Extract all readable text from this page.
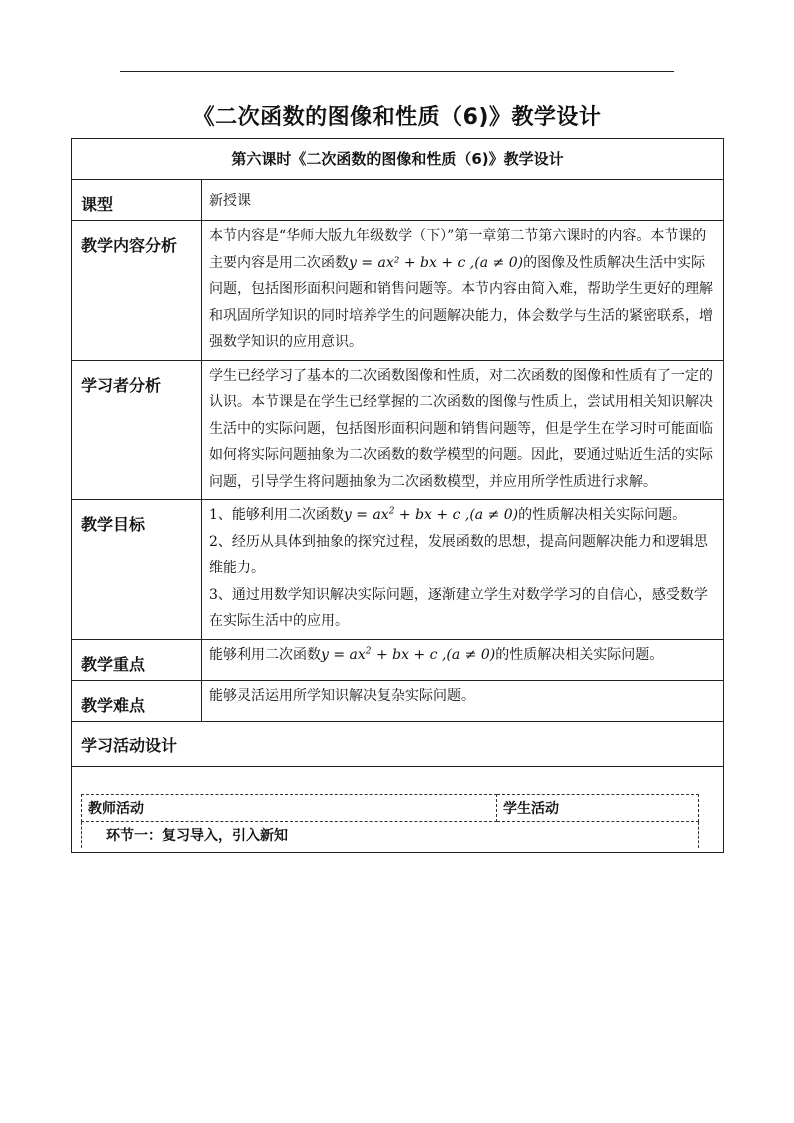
《二次函数的图像和性质（6)》教学设计
第六课时《二次函数的图像和性质（6)》教学设计
课型	新授课
教学内容分析	本节内容是“华师大版九年级数学（下）”第一章第二节第六课时的内容。本节课的主要内容是用二次函数y = ax² + bx + c ,(a ≠ 0)的图像及性质解决生活中实际问题，包括图形面积问题和销售问题等。本节内容由简入难，帮助学生更好的理解和巩固所学知识的同时培养学生的问题解决能力，体会数学与生活的紧密联系，增强数学知识的应用意识。
学习者分析	学生已经学习了基本的二次函数图像和性质，对二次函数的图像和性质有了一定的认识。本节课是在学生已经掌握的二次函数的图像与性质上，尝试用相关知识解决生活中的实际问题，包括图形面积问题和销售问题等，但是学生在学习时可能面临如何将实际问题抽象为二次函数的数学模型的问题。因此，要通过贴近生活的实际问题，引导学生将问题抽象为二次函数模型，并应用所学性质进行求解。
教学目标	1、能够利用二次函数$y = ax^2$ + bx + c ,(a ≠ 0)的性质解决相关实际问题。

2、经历从具体到抽象的探究过程，发展函数的思想，提高问题解决能力和逻辑思维能力。

3、通过用数学知识解决实际问题，逐渐建立学生对数学学习的自信心，感受数学在实际生活中的应用。

教学重点	能够利用二次函数$y = ax^2$ + bx + c ,(a ≠ 0)的性质解决相关实际问题。
教学难点	能够灵活运用所学知识解决复杂实际问题。
学习活动设计

教师活动	学生活动
环节一：复习导入，引入新知
